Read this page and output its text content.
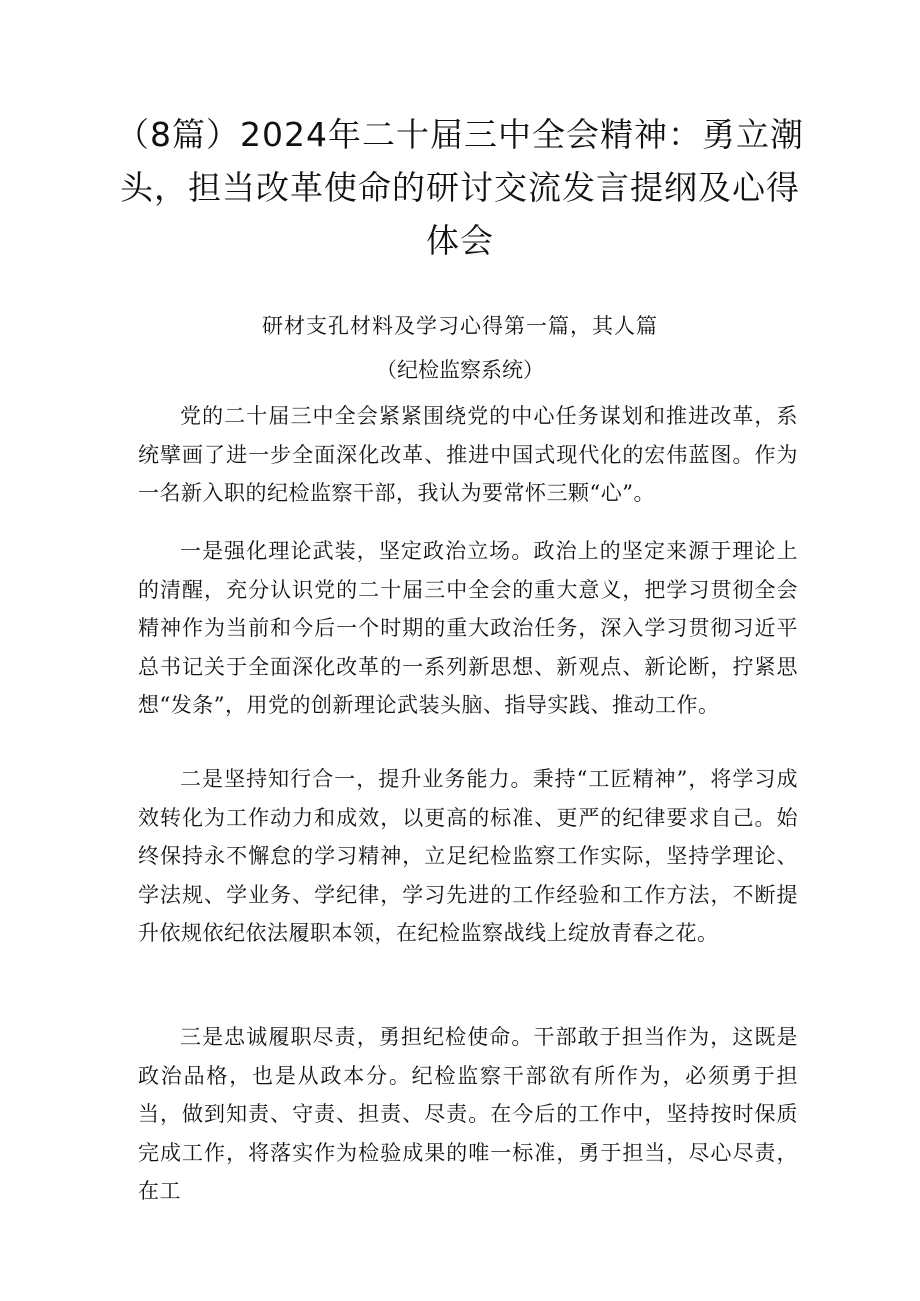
（8篇）2024年二十届三中全会精神：勇立潮头，担当改革使命的研讨交流发言提纲及心得体会

研材支孔材料及学习心得第一篇，其人篇

（纪检监察系统）

党的二十届三中全会紧紧围绕党的中心任务谋划和推进改革，系统擘画了进一步全面深化改革、推进中国式现代化的宏伟蓝图。作为一名新入职的纪检监察干部，我认为要常怀三颗“心”。

一是强化理论武装，坚定政治立场。政治上的坚定来源于理论上的清醒，充分认识党的二十届三中全会的重大意义，把学习贯彻全会精神作为当前和今后一个时期的重大政治任务，深入学习贯彻习近平总书记关于全面深化改革的一系列新思想、新观点、新论断，拧紧思想“发条”，用党的创新理论武装头脑、指导实践、推动工作。

二是坚持知行合一，提升业务能力。秉持“工匠精神”，将学习成效转化为工作动力和成效，以更高的标准、更严的纪律要求自己。始终保持永不懈怠的学习精神，立足纪检监察工作实际，坚持学理论、学法规、学业务、学纪律，学习先进的工作经验和工作方法，不断提升依规依纪依法履职本领，在纪检监察战线上绽放青春之花。

三是忠诚履职尽责，勇担纪检使命。干部敢于担当作为，这既是政治品格，也是从政本分。纪检监察干部欲有所作为，必须勇于担当，做到知责、守责、担责、尽责。在今后的工作中，坚持按时保质完成工作，将落实作为检验成果的唯一标准，勇于担当，尽心尽责，在工
